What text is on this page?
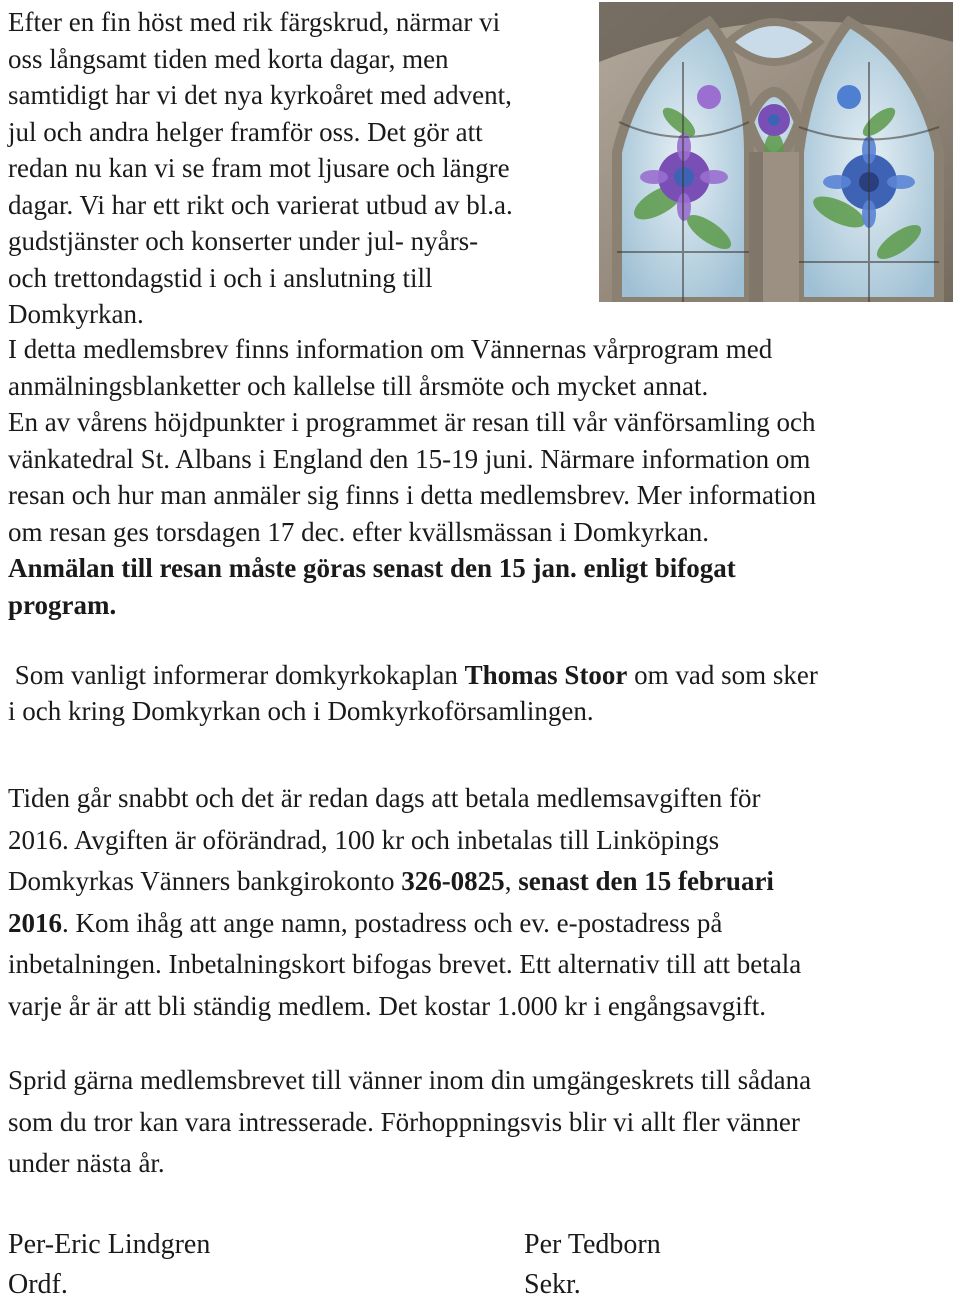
Efter en fin höst med rik färgskrud, närmar vi

oss långsamt tiden med korta dagar, men

samtidigt har vi det nya kyrkoåret med advent,

jul och andra helger framför oss. Det gör att

redan nu kan vi se fram mot ljusare och längre

dagar. Vi har ett rikt och varierat utbud av bl.a.

gudstjänster och konserter under jul- nyårs-

och trettondagstid i och i anslutning till

Domkyrkan.

I detta medlemsbrev finns information om Vännernas vårprogram med

anmälningsblanketter och kallelse till årsmöte och mycket annat.

En av vårens höjdpunkter i programmet är resan till vår vänförsamling och

vänkatedral St. Albans i England den 15-19 juni. Närmare information om

resan och hur man anmäler sig finns i detta medlemsbrev. Mer information

om resan ges torsdagen 17 dec. efter kvällsmässan i Domkyrkan.

Anmälan till resan måste göras senast den 15 jan. enligt bifogat

program.

Som vanligt informerar domkyrkokaplan Thomas Stoor om vad som sker

i och kring Domkyrkan och i Domkyrkoförsamlingen.

Tiden går snabbt och det är redan dags att betala medlemsavgiften för

2016. Avgiften är oförändrad, 100 kr och inbetalas till Linköpings

Domkyrkas Vänners bankgirokonto 326-0825, senast den 15 februari

2016. Kom ihåg att ange namn, postadress och ev. e-postadress på

inbetalningen. Inbetalningskort bifogas brevet. Ett alternativ till att betala

varje år är att bli ständig medlem. Det kostar 1.000 kr i engångsavgift.

Sprid gärna medlemsbrevet till vänner inom din umgängeskrets till sådana

som du tror kan vara intresserade. Förhoppningsvis blir vi allt fler vänner

under nästa år.

Per-Eric Lindgren
Ordf.
Per Tedborn
Sekr.
